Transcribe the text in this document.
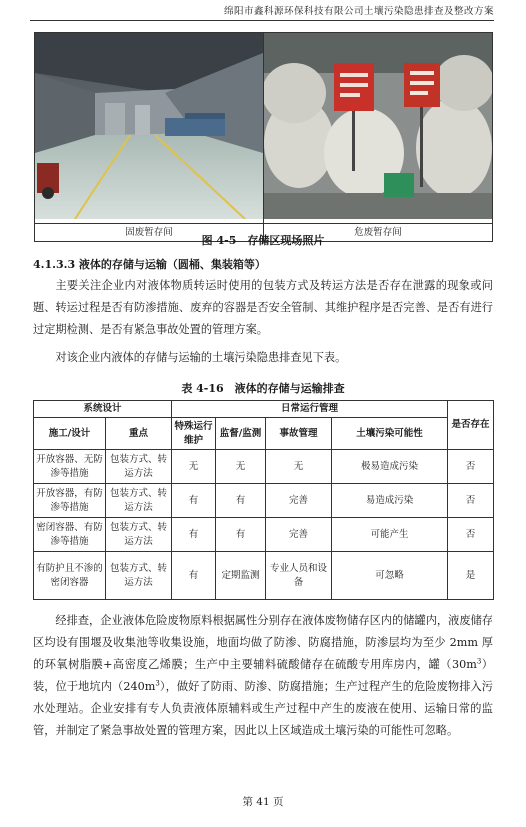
绵阳市鑫科源环保科技有限公司土壤污染隐患排查及整改方案

固废暂存间	危废暂存间
图 4-5　存储区现场照片
4.1.3.3 液体的存储与运输（圆桶、集装箱等）

主要关注企业内对液体物质转运时使用的包装方式及转运方法是否存在泄露的现象或问题、转运过程是否有防渗措施、废弃的容器是否安全管制、其维护程序是否完善、是否有进行过定期检测、是否有紧急事故处置的管理方案。

对该企业内液体的存储与运输的土壤污染隐患排查见下表。

表 4-16　液体的存储与运输排查
系统设计		日常运行管理				是否存在
施工/设计	重点	特殊运行维护	监督/监测	事故管理	土壤污染可能性	
开放容器、无防渗等措施	包装方式、转运方法	无	无	无	极易造成污染	否
开放容器，有防渗等措施	包装方式、转运方法	有	有	完善	易造成污染	否
密闭容器、有防渗等措施	包装方式、转运方法	有	有	完善	可能产生	否
有防护且不渗的密闭容器	包装方式、转运方法	有	定期监测	专业人员和设备	可忽略	是

经排查，企业液体危险废物原料根据属性分别存在液体废物储存区内的储罐内，液废储存区均设有围堰及收集池等收集设施，地面均做了防渗、防腐措施，防渗层均为至少 2mm 厚的环氧树脂膜+高密度乙烯膜；生产中主要辅料硫酸储存在硫酸专用库房内，罐$(30m^3)$装，位于地坑内$(240m^3)$，做好了防雨、防渗、防腐措施；生产过程产生的危险废物排入污水处理站。企业安排有专人负责液体原辅料或生产过程中产生的废液在使用、运输日常的监管，并制定了紧急事故处置的管理方案，因此以上区域造成土壤污染的可能性可忽略。

第 41 页
